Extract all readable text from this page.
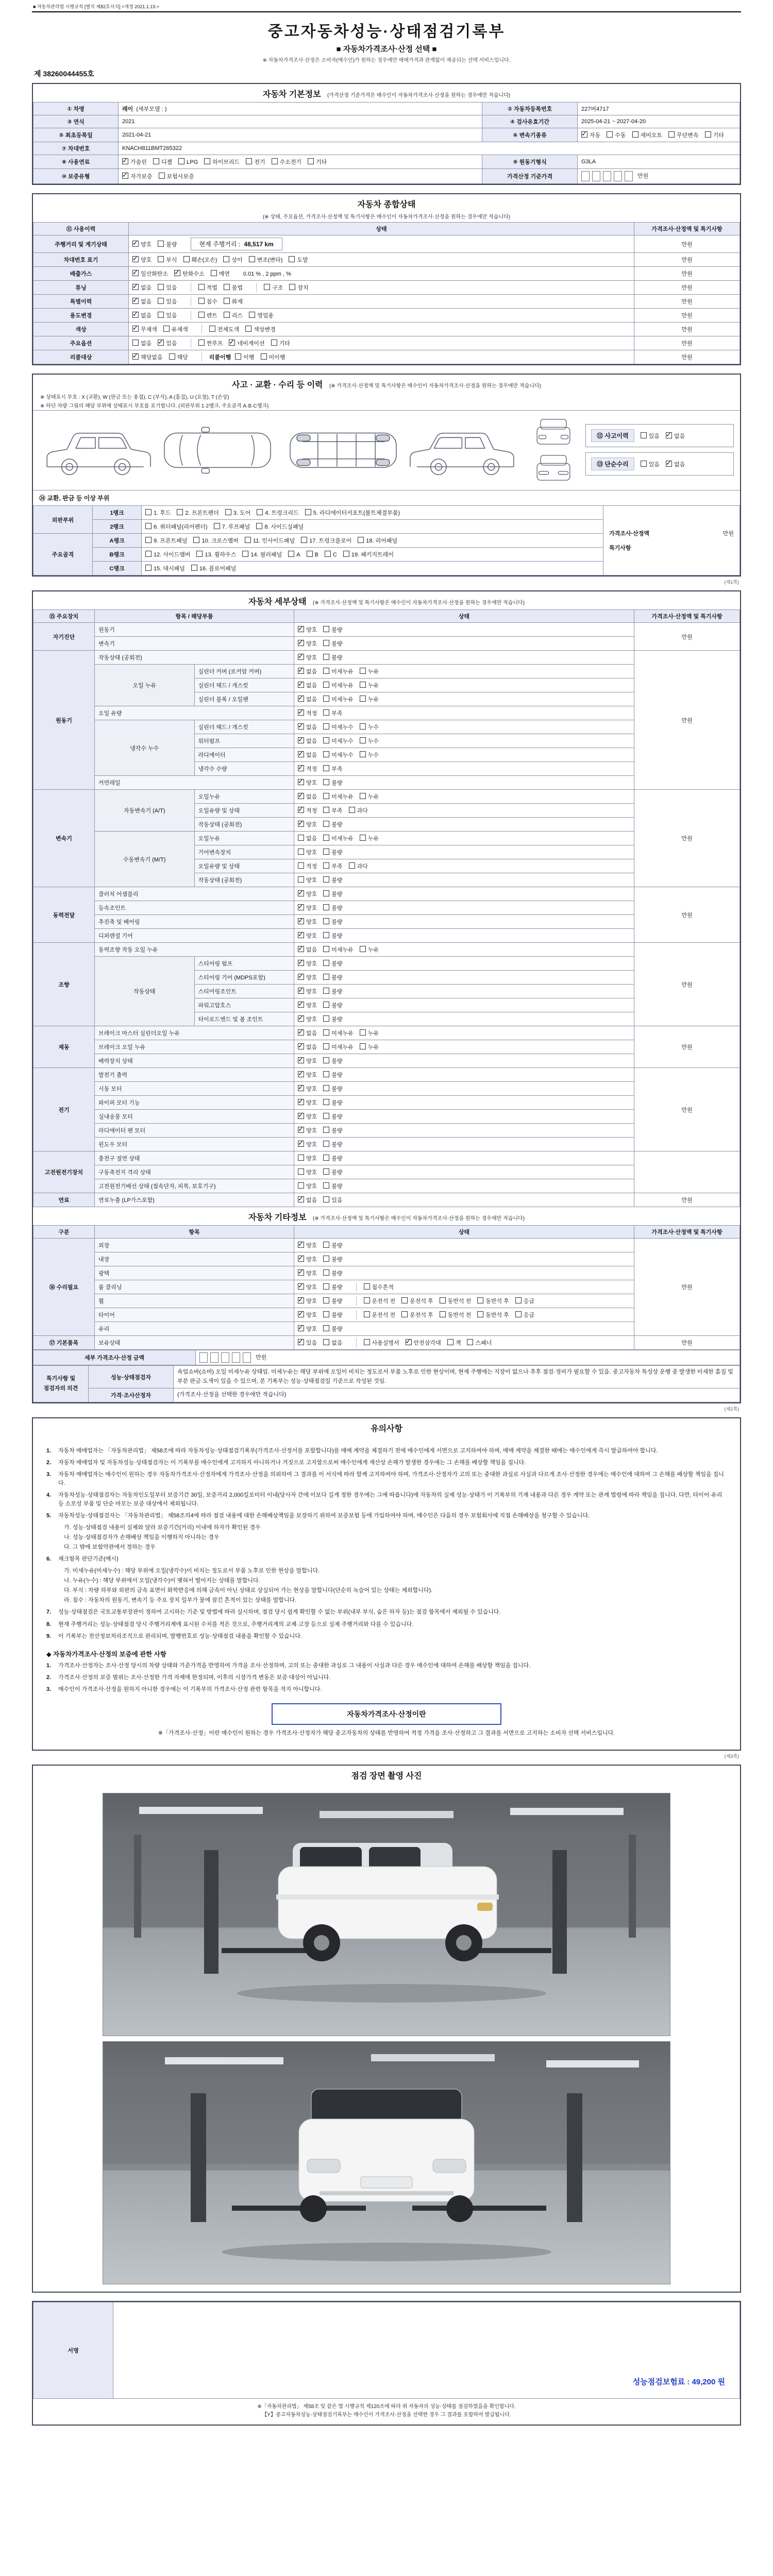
■ 자동차관리법 시행규칙 [별지 제82호서식] <개정 2021.1.19.>
중고자동차성능·상태점검기록부
■ 자동차가격조사·산정 선택 ■
※ 자동차가격조사·산정은 소비자(매수인)가 원하는 경우에만 매매가격과 관계없이 제공되는 선택 서비스입니다.
제 38260044455호
자동차 기본정보 (가격산정 기준가격은 매수인이 자동차가격조사·산정을 원하는 경우에만 적습니다)
① 차명	레이 (세부모델 : )	② 자동차등록번호	227버4717
③ 연식	2021	④ 검사유효기간	2025-04-21 ~ 2027-04-20
⑤ 최초등록일	2021-04-21	⑥ 변속기종류	✓자동 수동 세미오토 무단변속 기타
⑦ 차대번호	KNACH811BMT265322		
⑧ 사용연료	✓가솔린 디젤 LPG 하이브리드 전기 수소전기 기타	⑨ 원동기형식	G3LA
⑩ 보증유형	✓자가보증 보험사보증	가격산정 기준가격	만원
자동차 종합상태
(※ 상태, 주요옵션, 가격조사·산정액 및 특기사항은 매수인이 자동차가격조사·산정을 원하는 경우에만 적습니다)
⑪ 사용이력	상태	가격조사·산정액 및 특기사항
주행거리 및 계기상태	✓양호 불량 현재 주행거리 : 48,517 km	만원
차대번호 표기	✓양호 부식 훼손(오손) 상이 변조(변타) 도말	만원
배출가스	✓일산화탄소 ✓ 탄화수소 매연 0.01 % , 2 ppm , %	만원
튜닝	✓없음 있음 적법 불법 구조 장치	만원
특별이력	✓없음 있음 침수 화재	만원
용도변경	✓없음 있음 렌트 리스 영업용	만원
색상	✓무채색 유채색 전체도색 색상변경	만원
주요옵션	없음 ✓ 있음 썬루프 ✓ 네비게이션 기타	만원
리콜대상	✓해당없음 해당 리콜이행 이행 미이행	만원
사고 · 교환 · 수리 등 이력 (※ 가격조사·산정액 및 특기사항은 매수인이 자동차가격조사·산정을 원하는 경우에만 적습니다)
※ 상태표시 부호 : X (교환), W (판금 또는 용접), C (부식), A (흠집), U (요철), T (손상)
※ 하단 차량 그림의 해당 부위에 상태표시 부호를 표기합니다. (외판부위 1·2랭크, 주요골격 A·B·C랭크)
⑫ 사고이력	있음 ✓	없음
⑬ 단순수리	있음 ✓	없음
⑭ 교환, 판금 등 이상 부위
외판부위	1랭크	1. 후드 2. 프론트펜더 3. 도어 4. 트렁크리드 5. 라디에이터서포트(볼트체결부품)	가격조사·산정액 만원
특기사항

	2랭크	6. 쿼터패널(리어펜더) 7. 루프패널 8. 사이드실패널	
주요골격	A랭크	9. 프론트패널 10. 크로스멤버 11. 인사이드패널 17. 트렁크플로어 18. 리어패널	
	B랭크	12. 사이드멤버 13. 휠하우스 14. 필러패널 A B C 19. 패키지트레이	
	C랭크	15. 대시패널 16. 플로어패널	
(제1쪽)
자동차 세부상태 (※ 가격조사·산정액 및 특기사항은 매수인이 자동차가격조사·산정을 원하는 경우에만 적습니다)
⑮ 주요장치	항목 / 해당부품		상태	가격조사·산정액 및 특기사항
자기진단	원동기	✓양호 불량	만원
	변속기	✓양호 불량
원동기	작동상태 (공회전)	✓양호 불량	만원
	오일 누유	실린더 커버 (로커암 커버)	✓없음 미세누유 누유
		실린더 헤드 / 개스킷	✓없음 미세누유 누유
		실린더 블록 / 오일팬	✓없음 미세누유 누유
	오일 유량	✓적정 부족
	냉각수 누수	실린더 헤드 / 개스킷	✓없음 미세누수 누수
		워터펌프	✓없음 미세누수 누수
		라디에이터	✓없음 미세누수 누수
		냉각수 수량	✓적정 부족
	커먼레일	✓양호 불량
변속기	자동변속기 (A/T)	오일누유	✓없음 미세누유 누유	만원
		오일유량 및 상태	✓적정 부족 과다
		작동상태 (공회전)	✓양호 불량
	수동변속기 (M/T)	오일누유	없음 미세누유 누유	
		기어변속장치	양호 불량	
		오일유량 및 상태	적정 부족 과다	
		작동상태 (공회전)	양호 불량	
동력전달	클러치 어셈블리	✓양호 불량	만원
	등속조인트	✓양호 불량
	추진축 및 베어링	✓양호 불량
	디퍼렌셜 기어	✓양호 불량
조향	동력조향 작동 오일 누유	✓없음 미세누유 누유	만원
	작동상태	스티어링 펌프	✓양호 불량
		스티어링 기어 (MDPS포함)	✓양호 불량
		스티어링조인트	✓양호 불량
		파워고압호스	✓양호 불량
		타이로드엔드 및 볼 조인트	✓양호 불량
제동	브레이크 마스터 실린더오일 누유	✓없음 미세누유 누유	만원
	브레이크 오일 누유	✓없음 미세누유 누유
	배력장치 상태	✓양호 불량
전기	발전기 출력	✓양호 불량	만원
	시동 모터	✓양호 불량
	와이퍼 모터 기능	✓양호 불량
	실내송풍 모터	✓양호 불량
	라디에이터 팬 모터	✓양호 불량
	윈도우 모터	✓양호 불량
고전원전기장치	충전구 절연 상태		양호 불량	
	구동축전지 격리 상태		양호 불량	
	고전원전기배선 상태 (접속단자, 피복, 보호기구)		양호 불량	
연료	연료누출 (LP가스포함)	✓없음 있음	만원
자동차 기타정보 (※ 가격조사·산정액 및 특기사항은 매수인이 자동차가격조사·산정을 원하는 경우에만 적습니다)
구분	항목	상태	가격조사·산정액 및 특기사항
⑯ 수리필요	외장	✓양호 불량	만원
	내장	✓양호 불량
	광택	✓양호 불량
	룸 클리닝	✓양호 불량 침수흔적
	휠	✓양호 불량 운전석 전 운전석 후 동반석 전 동반석 후 응급
	타이어	✓양호 불량 운전석 전 운전석 후 동반석 전 동반석 후 응급
	유리	✓양호 불량
⑰ 기본품목	보유상태	✓있음 없음 사용설명서 ✓ 안전삼각대 잭 스패너	만원
세부 가격조사·산정 금액	만원
특기사항 및 점검자의 의견	성능·상태점검자	쇽업쇼바(쇼버) 오일 미세누유 상태임. 미세누유는 해당 부위에 오일이 비치는 정도로서 부품 노후로 인한 현상이며, 현재 주행에는 지장이 없으나 추후 점검·정비가 필요할 수 있음. 중고자동차 특성상 운행 중 발생한 미세한 흠집 및 부분 판금·도색이 있을 수 있으며, 본 기록부는 성능·상태점검일 기준으로 작성된 것임.
	가격·조사산정자	(가격조사·산정을 선택한 경우에만 적습니다)
(제2쪽)
유의사항
1.	자동차 매매업자는 「자동차관리법」 제58조에 따라 자동차성능·상태점검기록부(가격조사·산정서를 포함합니다)를 매매 계약을 체결하기 전에 매수인에게 서면으로 고지하여야 하며, 매매 계약을 체결한 때에는 매수인에게 즉시 발급하여야 합니다.
2.	자동차 매매업자 및 자동차성능·상태점검자는 이 기록부를 매수인에게 고지하지 아니하거나 거짓으로 고지함으로써 매수인에게 재산상 손해가 발생한 경우에는 그 손해를 배상할 책임을 집니다.
3.	자동차 매매업자는 매수인이 원하는 경우 자동차가격조사·산정자에게 가격조사·산정을 의뢰하여 그 결과를 이 서식에 따라 함께 고지하여야 하며, 가격조사·산정자가 고의 또는 중대한 과실로 사실과 다르게 조사·산정한 경우에는 매수인에 대하여 그 손해를 배상할 책임을 집니다.
4.	자동차성능·상태점검자는 자동차인도일부터 보증기간 30일, 보증거리 2,000킬로미터 이내(당사자 간에 이보다 길게 정한 경우에는 그에 따릅니다)에 자동차의 실제 성능·상태가 이 기록부의 기재 내용과 다른 경우 계약 또는 관계 법령에 따라 책임을 집니다. 다만, 타이어·유리 등 소모성 부품 및 단순 마모는 보증 대상에서 제외됩니다.
5.	자동차성능·상태점검자는 「자동차관리법」 제58조의4에 따라 점검 내용에 대한 손해배상책임을 보장하기 위하여 보증보험 등에 가입하여야 하며, 매수인은 다음의 경우 보험회사에 직접 손해배상을 청구할 수 있습니다.
가. 성능·상태점검 내용이 실제와 달라 보증기간(거리) 이내에 하자가 확인된 경우
나. 성능·상태점검자가 손해배상 책임을 이행하지 아니하는 경우
다. 그 밖에 보험약관에서 정하는 경우
6.	체크항목 판단기준(예시)
가. 미세누유(미세누수) : 해당 부위에 오일(냉각수)이 비치는 정도로서 부품 노후로 인한 현상을 말합니다.
나. 누유(누수) : 해당 부위에서 오일(냉각수)이 맺혀서 떨어지는 상태를 말합니다.
다. 부식 : 차량 하부와 외판의 금속 표면이 화학반응에 의해 금속이 아닌 상태로 상실되어 가는 현상을 말합니다(단순히 녹슬어 있는 상태는 제외합니다).
라. 침수 : 자동차의 원동기, 변속기 등 주요 장치 일부가 물에 잠긴 흔적이 있는 상태를 말합니다.
7.	성능·상태점검은 국토교통부장관이 정하여 고시하는 기준 및 방법에 따라 실시하며, 점검 당시 쉽게 확인할 수 없는 부위(내부 부식, 숨은 하자 등)는 점검 항목에서 제외될 수 있습니다.
8.	현재 주행거리는 성능·상태점검 당시 주행거리계에 표시된 수치를 적은 것으로, 주행거리계의 교체·고장 등으로 실제 주행거리와 다를 수 있습니다.
9.	이 기록부는 전산정보처리조직으로 관리되며, 발행번호로 성능·상태점검 내용을 확인할 수 있습니다.
◆ 자동차가격조사·산정의 보증에 관한 사항
1.	가격조사·산정자는 조사·산정 당시의 차량 상태와 기준가격을 반영하여 가격을 조사·산정하며, 고의 또는 중대한 과실로 그 내용이 사실과 다른 경우 매수인에 대하여 손해를 배상할 책임을 집니다.
2.	가격조사·산정의 보증 범위는 조사·산정한 가격 자체에 한정되며, 이후의 시장가격 변동은 보증 대상이 아닙니다.
3.	매수인이 가격조사·산정을 원하지 아니한 경우에는 이 기록부의 가격조사·산정 관련 항목을 적지 아니합니다.
자동차가격조사·산정이란
※「가격조사·산정」이란 매수인이 원하는 경우 가격조사·산정자가 해당 중고자동차의 상태를 반영하여 적정 가격을 조사·산정하고 그 결과를 서면으로 고지하는 소비자 선택 서비스입니다.
(제3쪽)
점검 장면 촬영 사진
서명	
성능점검보험료 : 49,200 원
※「자동차관리법」 제58조 및 같은 법 시행규칙 제120조에 따라 위 자동차의 성능·상태를 점검하였음을 확인합니다.
【Y】중고자동차성능·상태점검기록부는 매수인이 가격조사·산정을 선택한 경우 그 결과를 포함하여 발급됩니다.
